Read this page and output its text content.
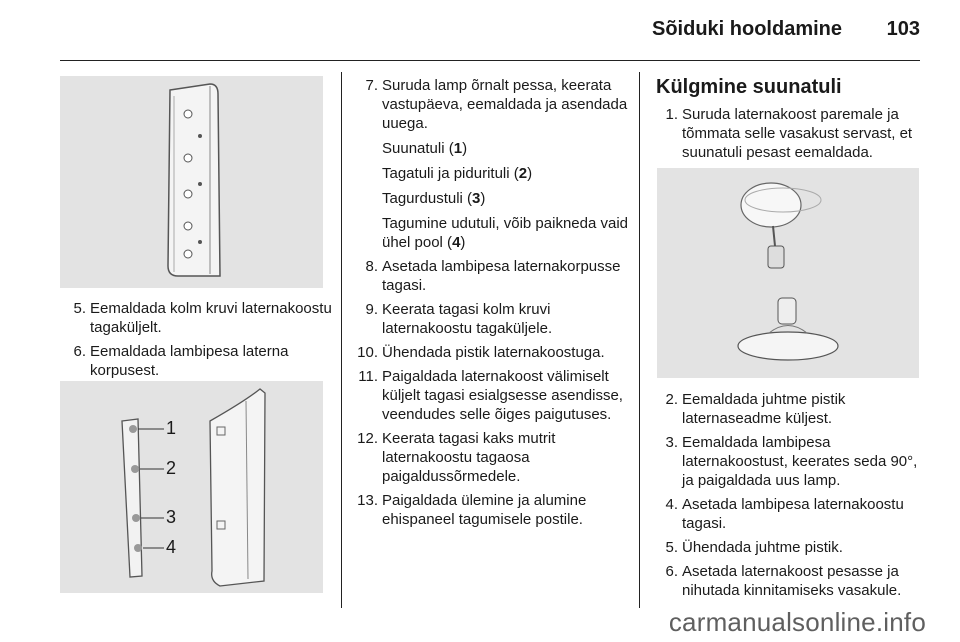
Sõiduki hooldamine 103
5. Eemaldada kolm kruvi laternakoostu tagaküljelt.
6. Eemaldada lambipesa laterna korpusest.
1
2
3
4
7. Suruda lamp õrnalt pessa, keerata vastupäeva, eemaldada ja asendada uuega.
Suunatuli (1)
Tagatuli ja piduritulі (2)
Tagurdustuli (3)
Tagumine udutuli, võib paikneda vaid ühel pool (4)
8. Asetada lambipesa laternakorpusse tagasi.
9. Keerata tagasi kolm kruvi laternakoostu tagaküljele.
10. Ühendada pistik laternakoostuga.
11. Paigaldada laternakoost välimiselt küljelt tagasi esialgsesse asendisse, veendudes selle õiges paigutuses.
12. Keerata tagasi kaks mutrit laternakoostu tagaosa paigaldussõrmedele.
13. Paigaldada ülemine ja alumine ehispaneel tagumisele postile.
Külgmine suunatuli
1. Suruda laternakoost paremale ja tõmmata selle vasakust servast, et suunatuli pesast eemaldada.
2. Eemaldada juhtme pistik laternaseadme küljest.
3. Eemaldada lambipesa laternakoostust, keerates seda 90°, ja paigaldada uus lamp.
4. Asetada lambipesa laternakoostu tagasi.
5. Ühendada juhtme pistik.
6. Asetada laternakoost pesasse ja nihutada kinnitamiseks vasakule.
carmanualsonline.info
